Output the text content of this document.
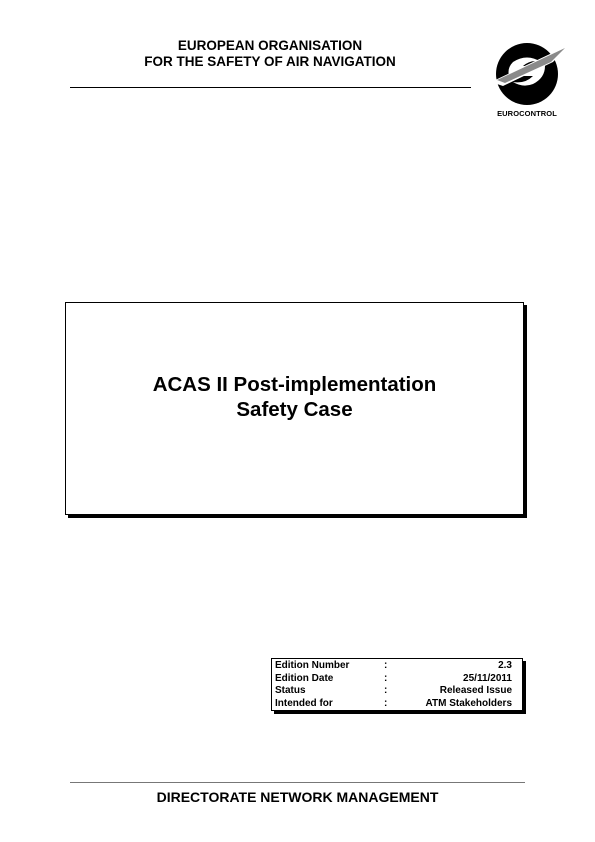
EUROPEAN ORGANISATION
FOR THE SAFETY OF AIR NAVIGATION
EUROCONTROL
ACAS II Post-implementation
Safety Case
Edition Number	:	2.3
Edition Date	:	25/11/2011
Status	:	Released Issue
Intended for	:	ATM Stakeholders
DIRECTORATE NETWORK MANAGEMENT
